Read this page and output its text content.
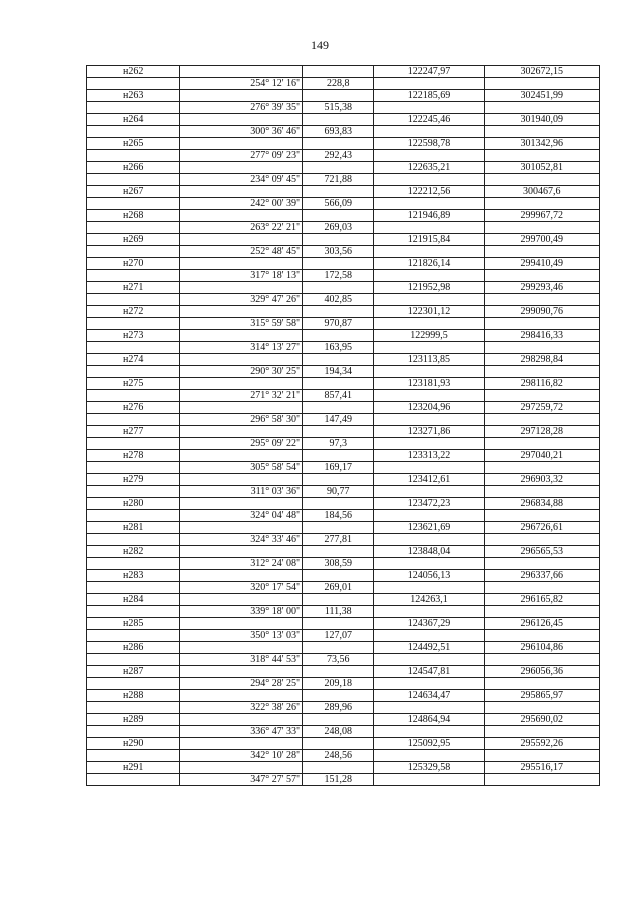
149
н262			122247,97	302672,15
	254° 12' 16"	228,8		
н263			122185,69	302451,99
	276° 39' 35"	515,38		
н264			122245,46	301940,09
	300° 36' 46"	693,83		
н265			122598,78	301342,96
	277° 09' 23"	292,43		
н266			122635,21	301052,81
	234° 09' 45"	721,88		
н267			122212,56	300467,6
	242° 00' 39"	566,09		
н268			121946,89	299967,72
	263° 22' 21"	269,03		
н269			121915,84	299700,49
	252° 48' 45"	303,56		
н270			121826,14	299410,49
	317° 18' 13"	172,58		
н271			121952,98	299293,46
	329° 47' 26"	402,85		
н272			122301,12	299090,76
	315° 59' 58"	970,87		
н273			122999,5	298416,33
	314° 13' 27"	163,95		
н274			123113,85	298298,84
	290° 30' 25"	194,34		
н275			123181,93	298116,82
	271° 32' 21"	857,41		
н276			123204,96	297259,72
	296° 58' 30"	147,49		
н277			123271,86	297128,28
	295° 09' 22"	97,3		
н278			123313,22	297040,21
	305° 58' 54"	169,17		
н279			123412,61	296903,32
	311° 03' 36"	90,77		
н280			123472,23	296834,88
	324° 04' 48"	184,56		
н281			123621,69	296726,61
	324° 33' 46"	277,81		
н282			123848,04	296565,53
	312° 24' 08"	308,59		
н283			124056,13	296337,66
	320° 17' 54"	269,01		
н284			124263,1	296165,82
	339° 18' 00"	111,38		
н285			124367,29	296126,45
	350° 13' 03"	127,07		
н286			124492,51	296104,86
	318° 44' 53"	73,56		
н287			124547,81	296056,36
	294° 28' 25"	209,18		
н288			124634,47	295865,97
	322° 38' 26"	289,96		
н289			124864,94	295690,02
	336° 47' 33"	248,08		
н290			125092,95	295592,26
	342° 10' 28"	248,56		
н291			125329,58	295516,17
	347° 27' 57"	151,28		
